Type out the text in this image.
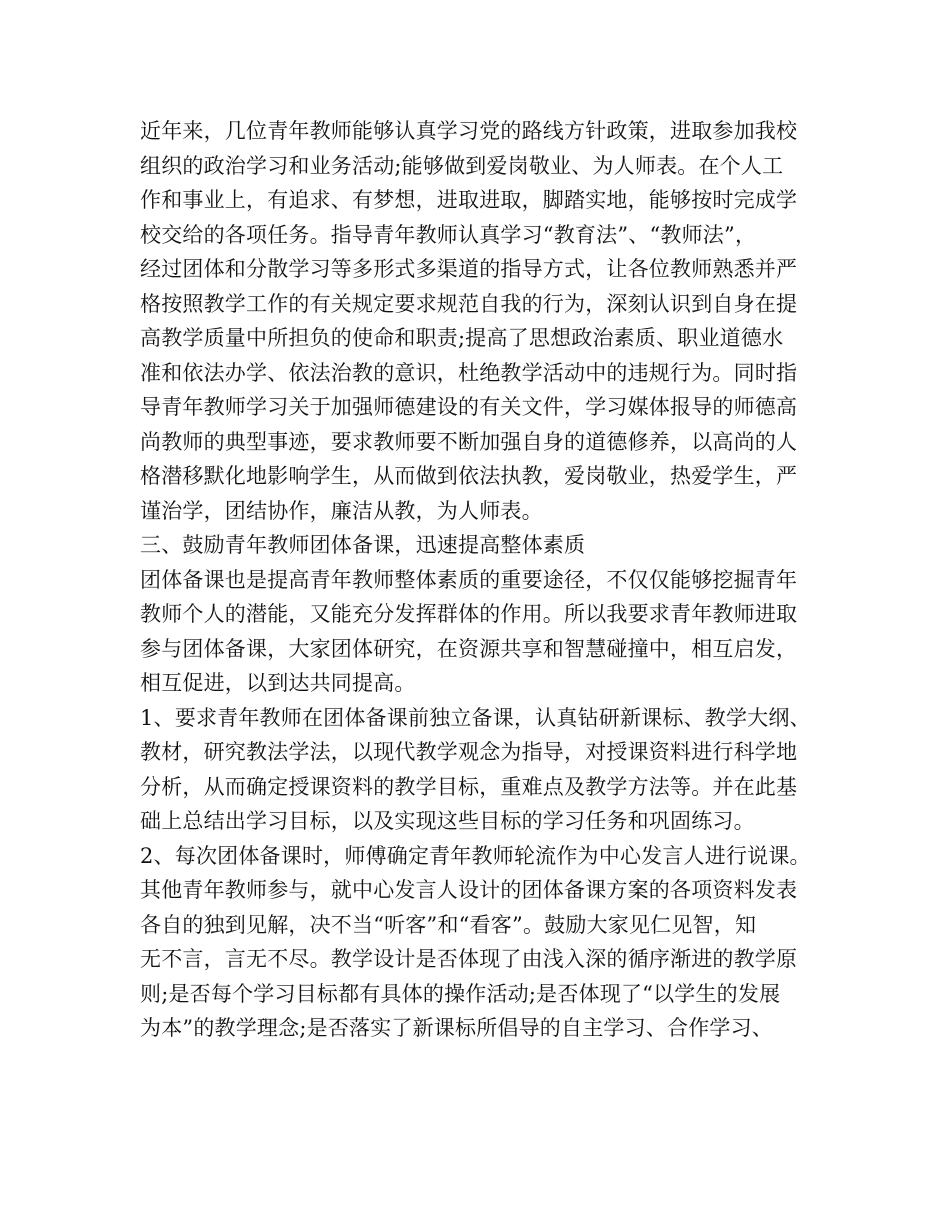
近年来，几位青年教师能够认真学习党的路线方针政策，进取参加我校
组织的政治学习和业务活动;能够做到爱岗敬业、为人师表。在个人工
作和事业上，有追求、有梦想，进取进取，脚踏实地，能够按时完成学
校交给的各项任务。指导青年教师认真学习“教育法”、“教师法”，
经过团体和分散学习等多形式多渠道的指导方式，让各位教师熟悉并严
格按照教学工作的有关规定要求规范自我的行为，深刻认识到自身在提
高教学质量中所担负的使命和职责;提高了思想政治素质、职业道德水
准和依法办学、依法治教的意识，杜绝教学活动中的违规行为。同时指
导青年教师学习关于加强师德建设的有关文件，学习媒体报导的师德高
尚教师的典型事迹，要求教师要不断加强自身的道德修养，以高尚的人
格潜移默化地影响学生，从而做到依法执教，爱岗敬业，热爱学生，严
谨治学，团结协作，廉洁从教，为人师表。
三、鼓励青年教师团体备课，迅速提高整体素质
团体备课也是提高青年教师整体素质的重要途径，不仅仅能够挖掘青年
教师个人的潜能，又能充分发挥群体的作用。所以我要求青年教师进取
参与团体备课，大家团体研究，在资源共享和智慧碰撞中，相互启发，
相互促进，以到达共同提高。
1、要求青年教师在团体备课前独立备课，认真钻研新课标、教学大纲、
教材，研究教法学法，以现代教学观念为指导，对授课资料进行科学地
分析，从而确定授课资料的教学目标，重难点及教学方法等。并在此基
础上总结出学习目标，以及实现这些目标的学习任务和巩固练习。
2、每次团体备课时，师傅确定青年教师轮流作为中心发言人进行说课。
其他青年教师参与，就中心发言人设计的团体备课方案的各项资料发表
各自的独到见解，决不当“听客”和“看客”。鼓励大家见仁见智，知
无不言，言无不尽。教学设计是否体现了由浅入深的循序渐进的教学原
则;是否每个学习目标都有具体的操作活动;是否体现了“以学生的发展
为本”的教学理念;是否落实了新课标所倡导的自主学习、合作学习、
